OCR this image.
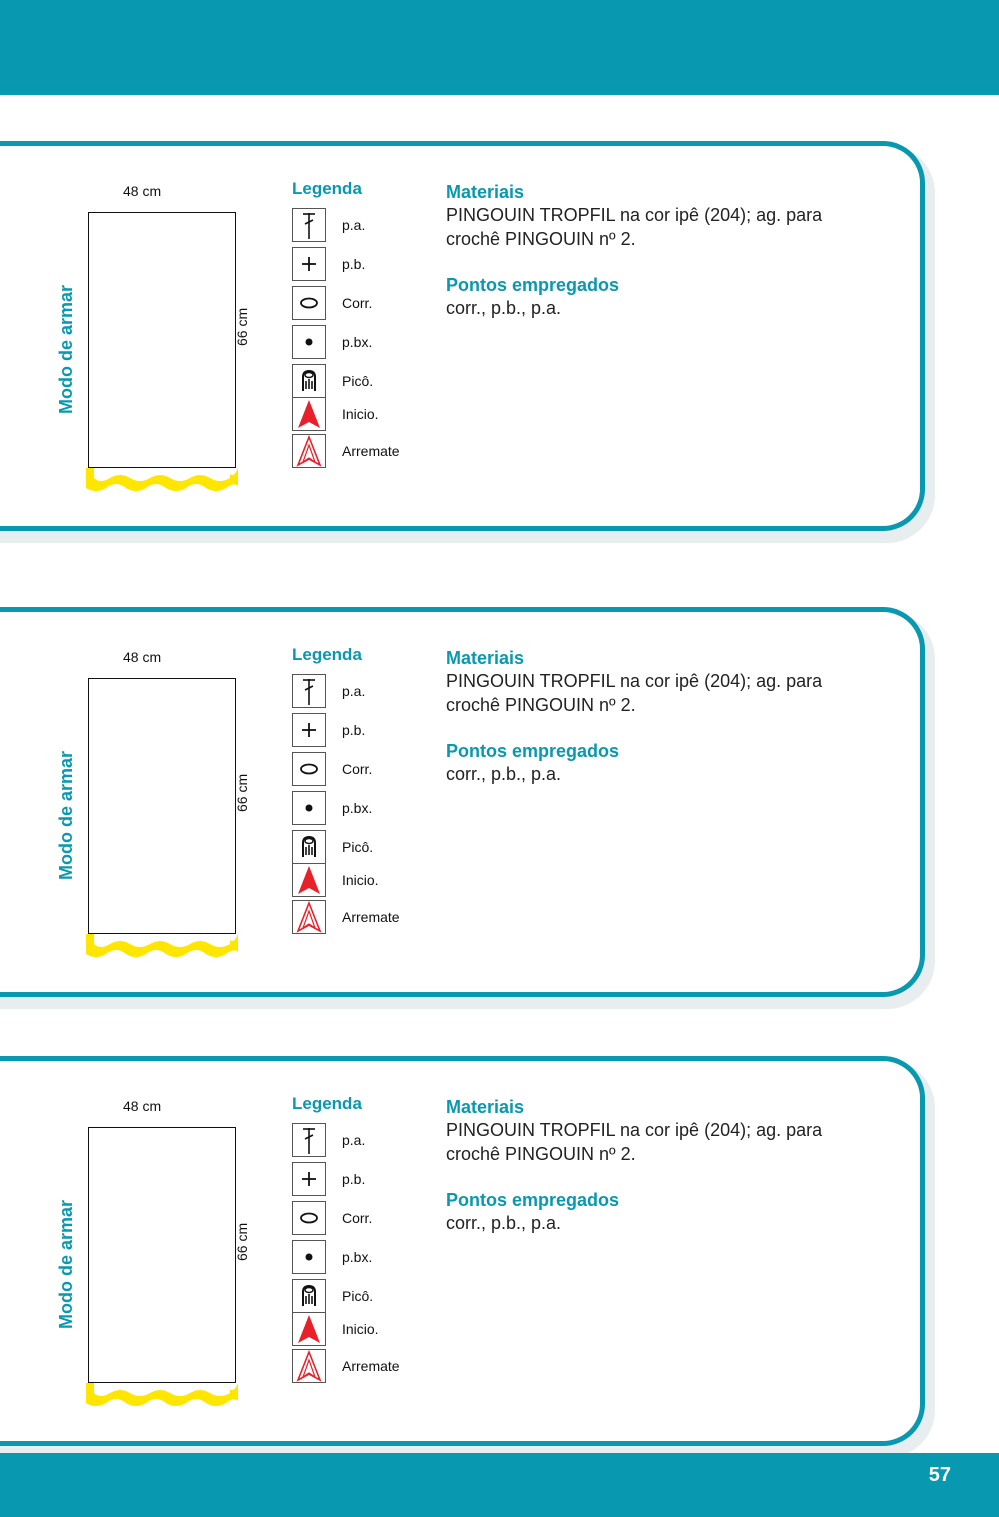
48 cm
66 cm
Modo de armar
Legenda
p.a.
p.b.
Corr.
p.bx.
Picô.
Inicio.
Arremate

Materiais

PINGOUIN TROPFIL na cor ipê (204); ag. para

crochê PINGOUIN nº 2.

Pontos empregados

corr., p.b., p.a.

48 cm
66 cm
Modo de armar
Legenda
p.a.
p.b.
Corr.
p.bx.
Picô.
Inicio.
Arremate

Materiais

PINGOUIN TROPFIL na cor ipê (204); ag. para

crochê PINGOUIN nº 2.

Pontos empregados

corr., p.b., p.a.

48 cm
66 cm
Modo de armar
Legenda
p.a.
p.b.
Corr.
p.bx.
Picô.
Inicio.
Arremate

Materiais

PINGOUIN TROPFIL na cor ipê (204); ag. para

crochê PINGOUIN nº 2.

Pontos empregados

corr., p.b., p.a.

57
